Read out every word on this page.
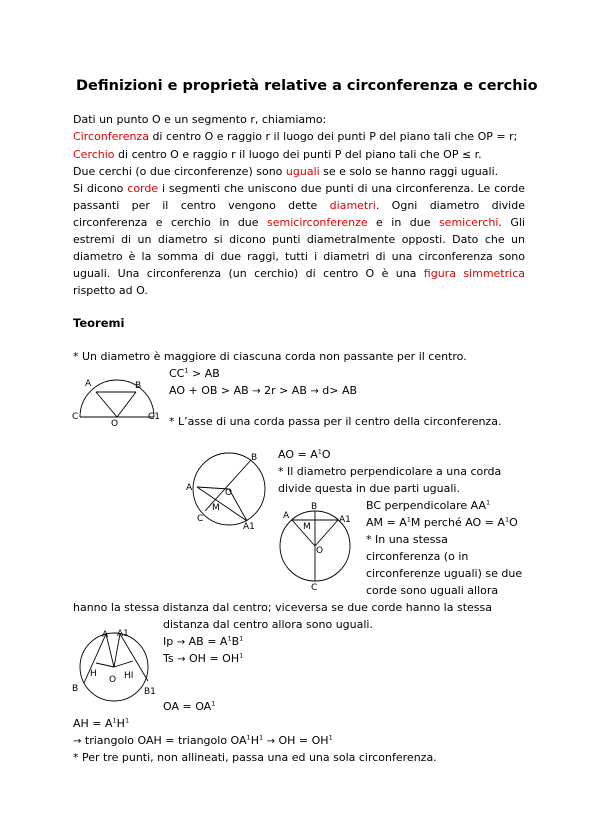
Definizioni e proprietà relative a circonferenza e cerchio
Dati un punto O e un segmento r, chiamiamo:
Circonferenza di centro O e raggio r il luogo dei punti P del piano tali che OP = r;
Cerchio di centro O e raggio r il luogo dei punti P del piano tali che OP ≤ r.
Due cerchi (o due circonferenze) sono uguali se e solo se hanno raggi uguali.
Si dicono corde i segmenti che uniscono due punti di una circonferenza. Le corde
passanti per il centro vengono dette diametri. Ogni diametro divide
circonferenza e cerchio in due semicirconferenze e in due semicerchi. Gli
estremi di un diametro si dicono punti diametralmente opposti. Dato che un
diametro è la somma di due raggi, tutti i diametri di una circonferenza sono
uguali. Una circonferenza (un cerchio) di centro O è una figura simmetrica
rispetto ad O.
Teoremi
* Un diametro è maggiore di ciascuna corda non passante per il centro.
$CC^1$ > AB
AO + OB > AB → 2r > AB → d> AB
A	B
C
O
C1 * L’asse di una corda passa per il centro della circonferenza.
AO = $A^1O$
B
A	O
M
C
A1
* Il diametro perpendicolare a una corda
divide questa in due parti uguali.
BC perpendicolare $AA^1$
AM = $A^1M$ perché AO = $A^1O$
B
A
M
A1
O
C
* In una stessa
circonferenza (o in
circonferenze uguali) se due
corde sono uguali allora
hanno la stessa distanza dal centro; viceversa se due corde hanno la stessa
distanza dal centro allora sono uguali.
Ip → AB = $A^1B^1$
Ts → OH = $OH^1$
A A1
H
O HI
B	B1
OA = $OA^1$
AH = $A^1H^1$
→ triangolo OAH = triangolo $OA^1H^1$ → OH = $OH^1$
* Per tre punti, non allineati, passa una ed una sola circonferenza.
